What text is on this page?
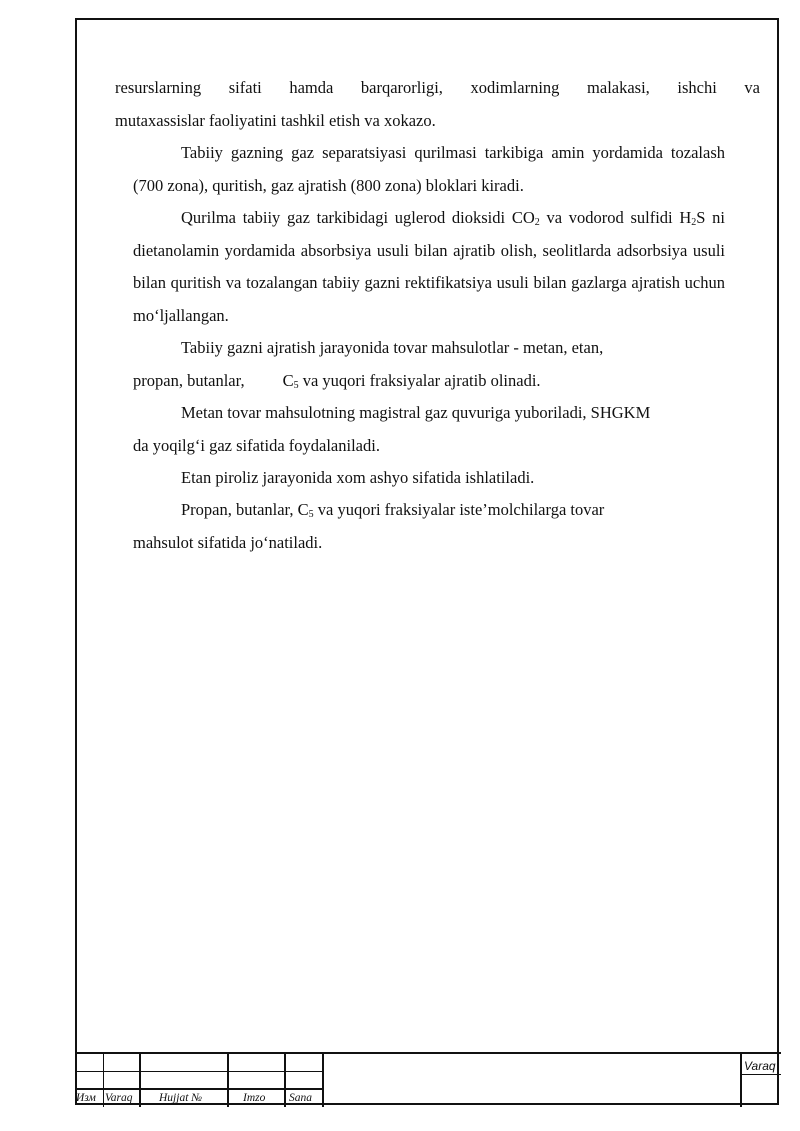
resurslarning sifati hamda barqarorligi, xodimlarning malakasi, ishchi va
mutaxassislar faoliyatini tashkil etish va xokazo.
Tabiiy gazning gaz separatsiyasi qurilmasi tarkibiga amin yordamida tozalash (700 zona), quritish, gaz ajratish (800 zona) bloklari kiradi.
Qurilma tabiiy gaz tarkibidagi uglerod dioksidi $CO_2$ va vodorod sulfidi $H_2S$ ni dietanolamin yordamida absorbsiya usuli bilan ajratib olish, seolitlarda adsorbsiya usuli bilan quritish va tozalangan tabiiy gazni rektifikatsiya usuli bilan gazlarga ajratish uchun mo‘ljallangan.
Tabiiy gazni ajratish jarayonida tovar mahsulotlar - metan, etan,
propan, butanlar, $C_5$ va yuqori fraksiyalar ajratib olinadi.
Metan tovar mahsulotning magistral gaz quvuriga yuboriladi, SHGKM
da yoqilg‘i gaz sifatida foydalaniladi.
Etan piroliz jarayonida xom ashyo sifatida ishlatiladi.
Propan, butanlar, $C_5$ va yuqori fraksiyalar iste’molchilarga tovar
mahsulot sifatida jo‘natiladi.
Изм Varaq Hujjat №	Imzo Sana
Varaq
